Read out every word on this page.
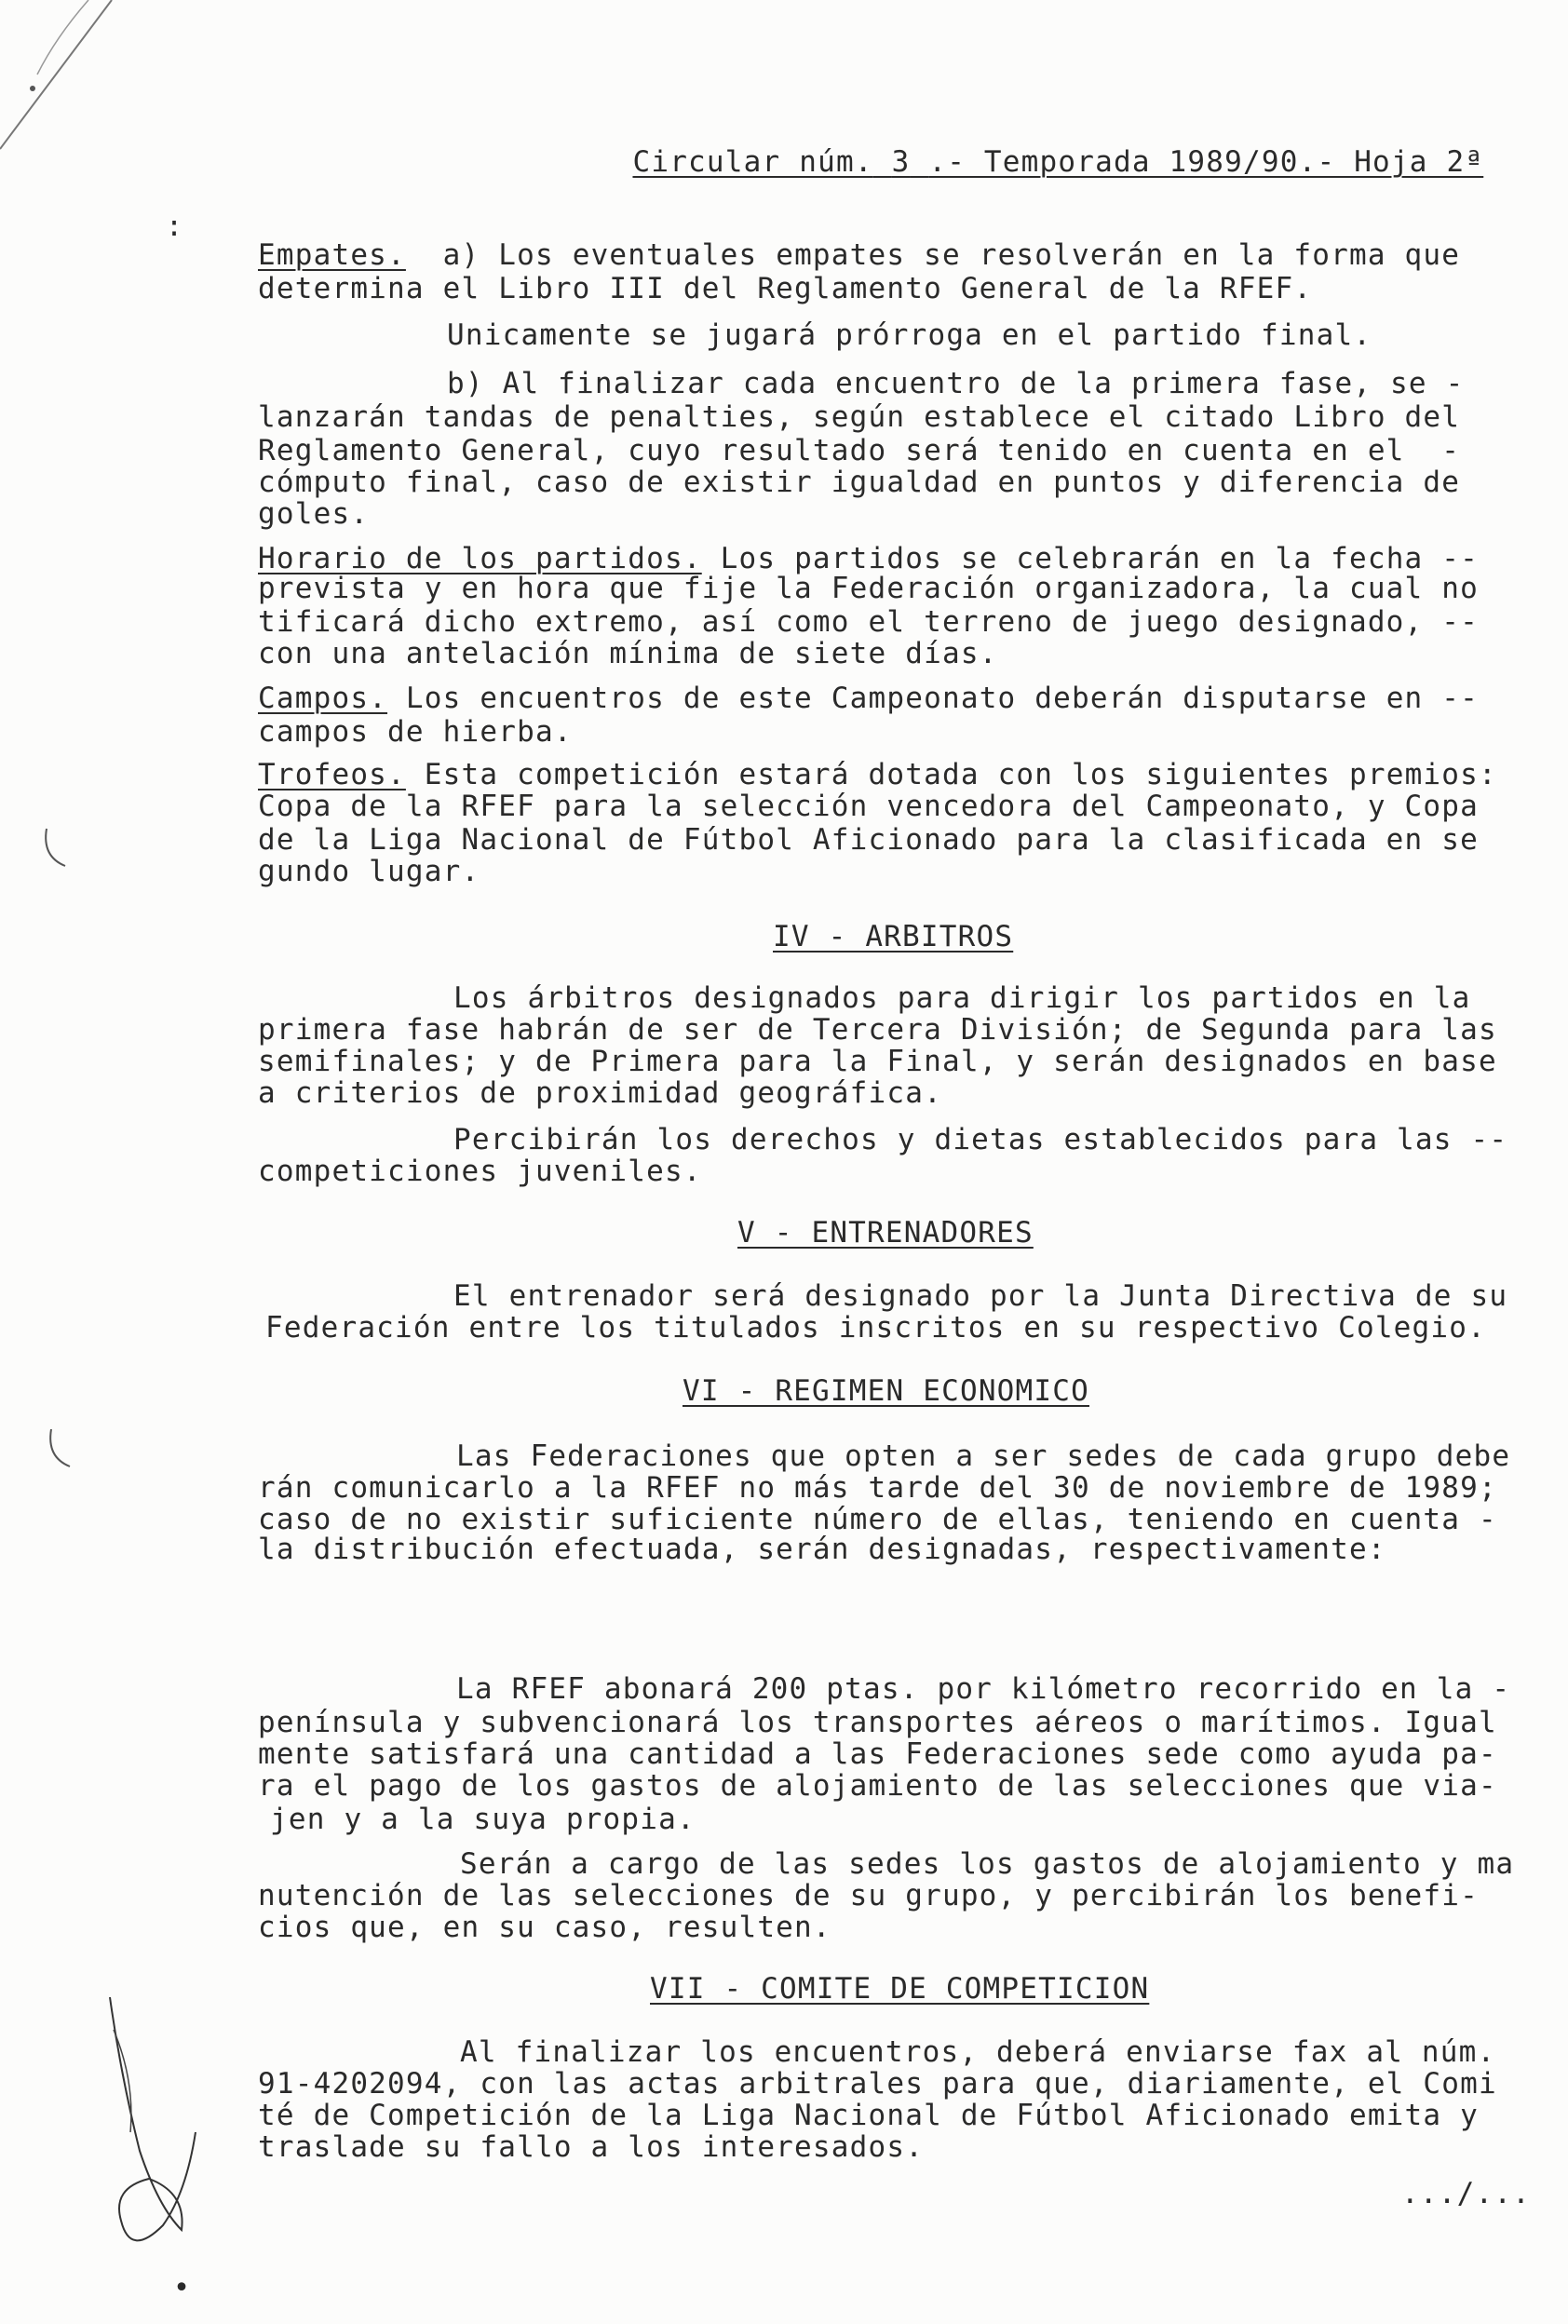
:
•

Circular núm. 3 .- Temporada 1989/90.- Hoja 2ª

Empates. a) Los eventuales empates se resolverán en la forma que
determina el Libro III del Reglamento General de la RFEF.
Unicamente se jugará prórroga en el partido final.
b) Al finalizar cada encuentro de la primera fase, se -
lanzarán tandas de penalties, según establece el citado Libro del
Reglamento General, cuyo resultado será tenido en cuenta en el  -
cómputo final, caso de existir igualdad en puntos y diferencia de
goles.
Horario de los partidos. Los partidos se celebrarán en la fecha --
prevista y en hora que fije la Federación organizadora, la cual no
tificará dicho extremo, así como el terreno de juego designado, --
con una antelación mínima de siete días.
Campos. Los encuentros de este Campeonato deberán disputarse en --
campos de hierba.
Trofeos. Esta competición estará dotada con los siguientes premios:
Copa de la RFEF para la selección vencedora del Campeonato, y Copa
de la Liga Nacional de Fútbol Aficionado para la clasificada en se
gundo lugar.
IV - ARBITROS
Los árbitros designados para dirigir los partidos en la
primera fase habrán de ser de Tercera División; de Segunda para las
semifinales; y de Primera para la Final, y serán designados en base
a criterios de proximidad geográfica.
Percibirán los derechos y dietas establecidos para las --
competiciones juveniles.
V - ENTRENADORES
El entrenador será designado por la Junta Directiva de su
Federación entre los titulados inscritos en su respectivo Colegio.
VI - REGIMEN ECONOMICO
Las Federaciones que opten a ser sedes de cada grupo debe
rán comunicarlo a la RFEF no más tarde del 30 de noviembre de 1989;
caso de no existir suficiente número de ellas, teniendo en cuenta -
la distribución efectuada, serán designadas, respectivamente:
La RFEF abonará 200 ptas. por kilómetro recorrido en la -
península y subvencionará los transportes aéreos o marítimos. Igual
mente satisfará una cantidad a las Federaciones sede como ayuda pa-
ra el pago de los gastos de alojamiento de las selecciones que via-
jen y a la suya propia.
Serán a cargo de las sedes los gastos de alojamiento y ma
nutención de las selecciones de su grupo, y percibirán los benefi-
cios que, en su caso, resulten.
VII - COMITE DE COMPETICION
Al finalizar los encuentros, deberá enviarse fax al núm.
91-4202094, con las actas arbitrales para que, diariamente, el Comi
té de Competición de la Liga Nacional de Fútbol Aficionado emita y
traslade su fallo a los interesados.
.../...
